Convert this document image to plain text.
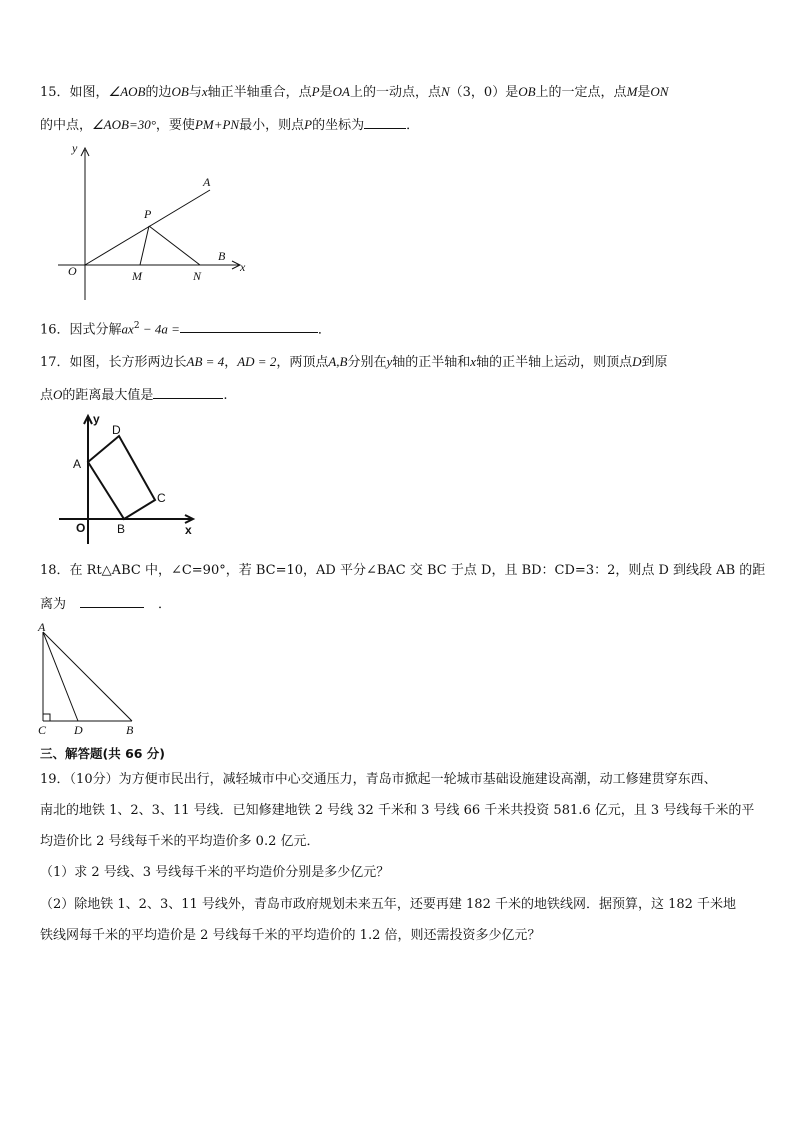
15．如图，∠AOB的边OB与x轴正半轴重合，点P是OA上的一动点，点N（3，0）是OB上的一定点，点M是ON
的中点，∠AOB=30°，要使PM+PN最小，则点P的坐标为	．
y
x
A
B
P
O	M	N
16．因式分解$ax^2 - 4a$ =	．
17．如图，长方形两边长AB = 4，AD = 2，两顶点A,B分别在y轴的正半轴和x轴的正半轴上运动，则顶点D到原
点O的距离最大值是	.
y
x
D
A
C
O	B
18．在 Rt△ABC 中，∠C=90°，若 BC=10，AD 平分∠BAC 交 BC 于点 D，且 BD：CD=3：2，则点 D 到线段 AB 的距
离为	．
A
C D	B
三、解答题(共 66 分)
19．（10分）为方便市民出行，减轻城市中心交通压力，青岛市掀起一轮城市基础设施建设高潮，动工修建贯穿东西、
南北的地铁 1、2、3、11 号线．已知修建地铁 2 号线 32 千米和 3 号线 66 千米共投资 581.6 亿元，且 3 号线每千米的平
均造价比 2 号线每千米的平均造价多 0.2 亿元．
（1）求 2 号线、3 号线每千米的平均造价分别是多少亿元？
（2）除地铁 1、2、3、11 号线外，青岛市政府规划未来五年，还要再建 182 千米的地铁线网．据预算，这 182 千米地
铁线网每千米的平均造价是 2 号线每千米的平均造价的 1.2 倍，则还需投资多少亿元？
